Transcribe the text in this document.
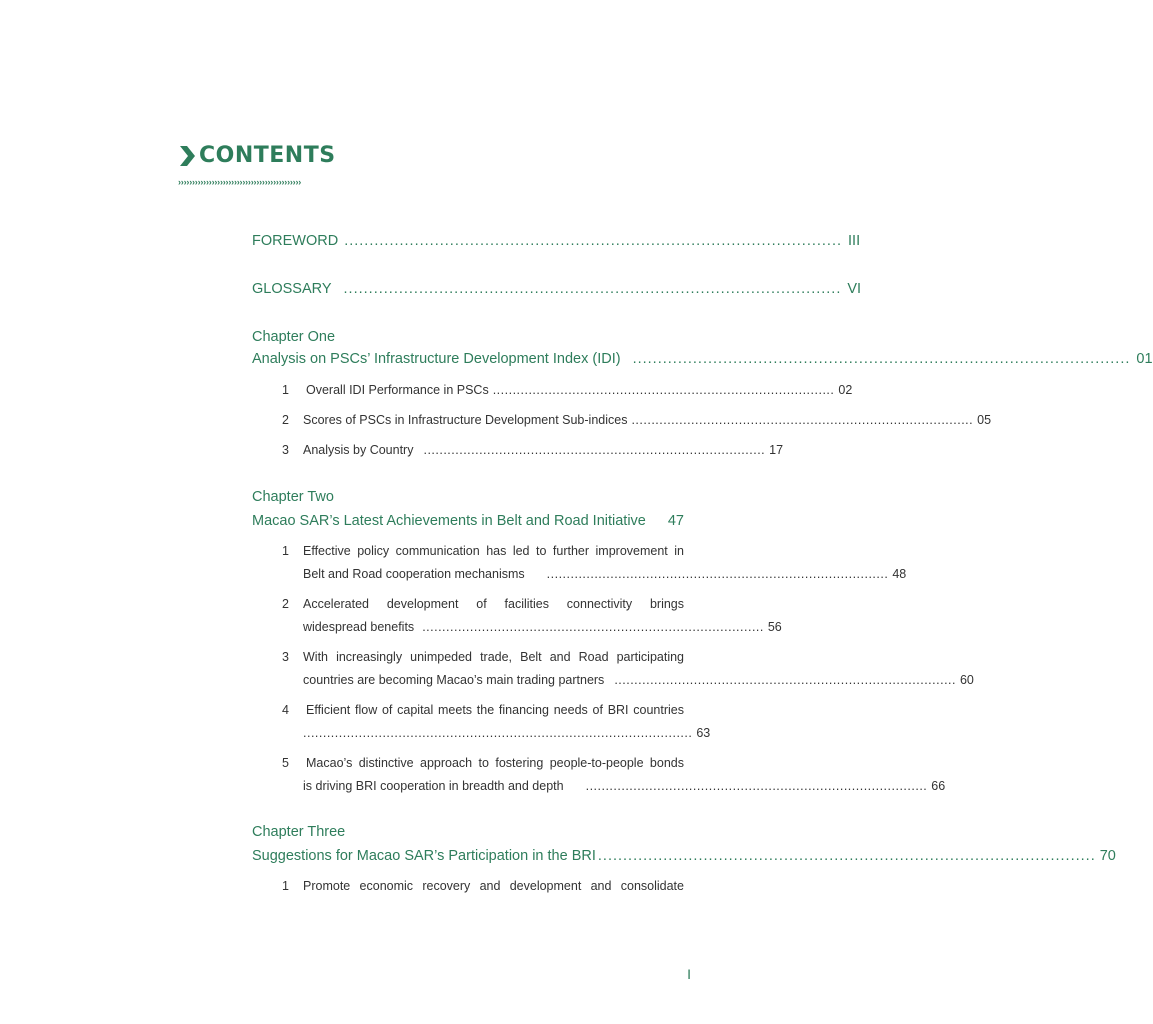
CONTENTS
››››››››››››››››››››››››››››››››››››››››››››
FOREWORD ................................................................................................... III
GLOSSARY ................................................................................................... VI
Chapter One
Analysis on PSCs’ Infrastructure Development Index (IDI) ................................................................................................... 01
1	Overall IDI Performance in PSCs ...................................................................................... 02
2	Scores of PSCs in Infrastructure Development Sub-indices ...................................................................................... 05
3	Analysis by Country ...................................................................................... 17
Chapter Two
Macao SAR’s Latest Achievements in Belt and Road Initiative 47
1	Effective policy communication has led to further improvement in
Belt and Road cooperation mechanisms ...................................................................................... 48
2	Accelerated development of facilities connectivity brings
widespread benefits ...................................................................................... 56
3	With increasingly unimpeded trade, Belt and Road participating
countries are becoming Macao’s main trading partners ...................................................................................... 60
4	Efficient flow of capital meets the financing needs of BRI countries
.................................................................................................. 63
5	Macao’s distinctive approach to fostering people-to-people bonds
is driving BRI cooperation in breadth and depth ...................................................................................... 66
Chapter Three
Suggestions for Macao SAR’s Participation in the BRI ................................................................................................... 70
1	Promote economic recovery and development and consolidate
I
